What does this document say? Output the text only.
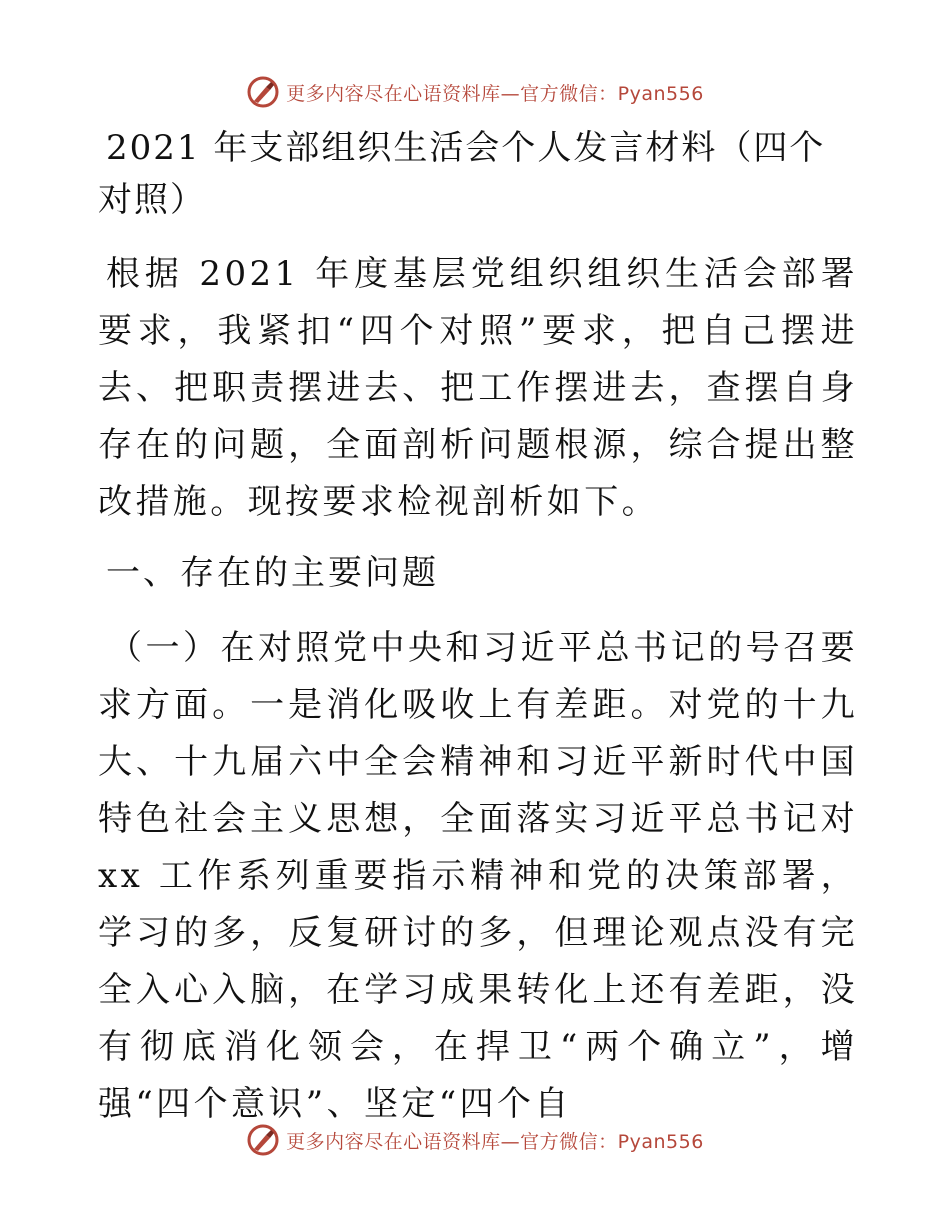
更多内容尽在心语资料库—官方微信：Pyan556
2021 年支部组织生活会个人发言材料（四个对照）

根据 2021 年度基层党组织组织生活会部署要求，我紧扣“四个对照”要求，把自己摆进去、把职责摆进去、把工作摆进去，查摆自身存在的问题，全面剖析问题根源，综合提出整改措施。现按要求检视剖析如下。

一、存在的主要问题

（一）在对照党中央和习近平总书记的号召要求方面。一是消化吸收上有差距。对党的十九大、十九届六中全会精神和习近平新时代中国特色社会主义思想，全面落实习近平总书记对 xx 工作系列重要指示精神和党的决策部署，学习的多，反复研讨的多，但理论观点没有完全入心入脑，在学习成果转化上还有差距，没有彻底消化领会，在捍卫“两个确立”，增强“四个意识”、坚定“四个自

更多内容尽在心语资料库—官方微信：Pyan556
